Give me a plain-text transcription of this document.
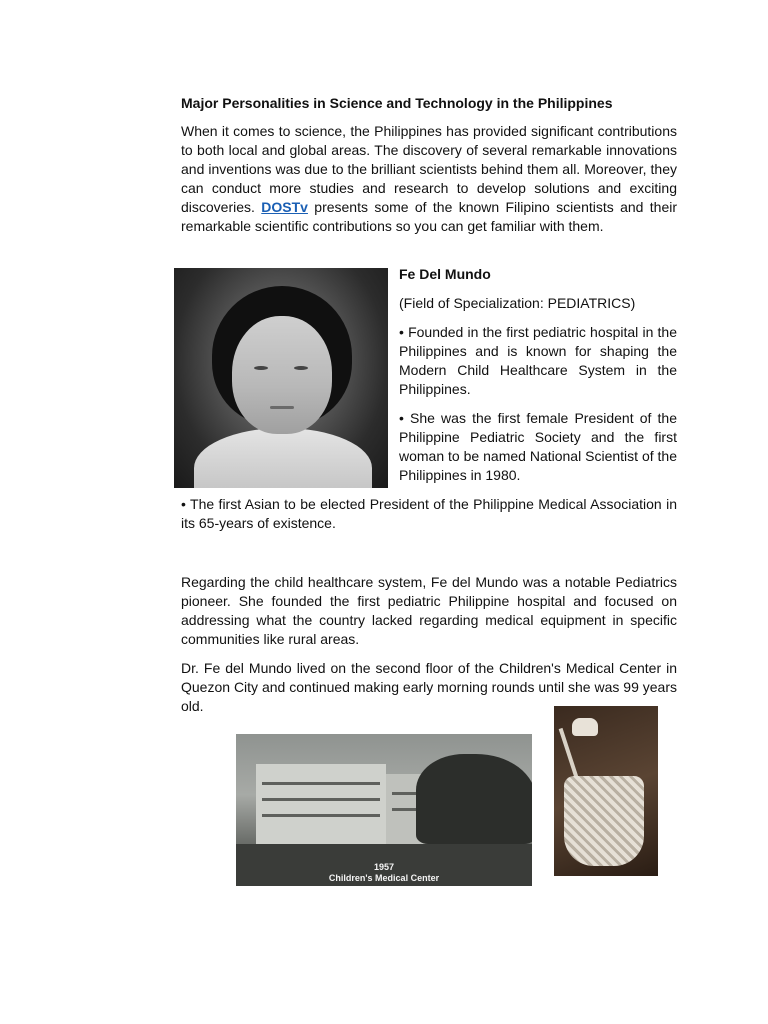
Major Personalities in Science and Technology in the Philippines
When it comes to science, the Philippines has provided significant contributions to both local and global areas. The discovery of several remarkable innovations and inventions was due to the brilliant scientists behind them all. Moreover, they can conduct more studies and research to develop solutions and exciting discoveries. DOSTv presents some of the known Filipino scientists and their remarkable scientific contributions so you can get familiar with them.
Fe Del Mundo
(Field of Specialization: PEDIATRICS)
• Founded in the first pediatric hospital in the Philippines and is known for shaping the Modern Child Healthcare System in the Philippines.
• She was the first female President of the Philippine Pediatric Society and the first woman to be named National Scientist of the Philippines in 1980.
• The first Asian to be elected President of the Philippine Medical Association in its 65-years of existence.
Regarding the child healthcare system, Fe del Mundo was a notable Pediatrics pioneer. She founded the first pediatric Philippine hospital and focused on addressing what the country lacked regarding medical equipment in specific communities like rural areas.
Dr. Fe del Mundo lived on the second floor of the Children's Medical Center in Quezon City and continued making early morning rounds until she was 99 years old.
1957
Children's Medical Center
